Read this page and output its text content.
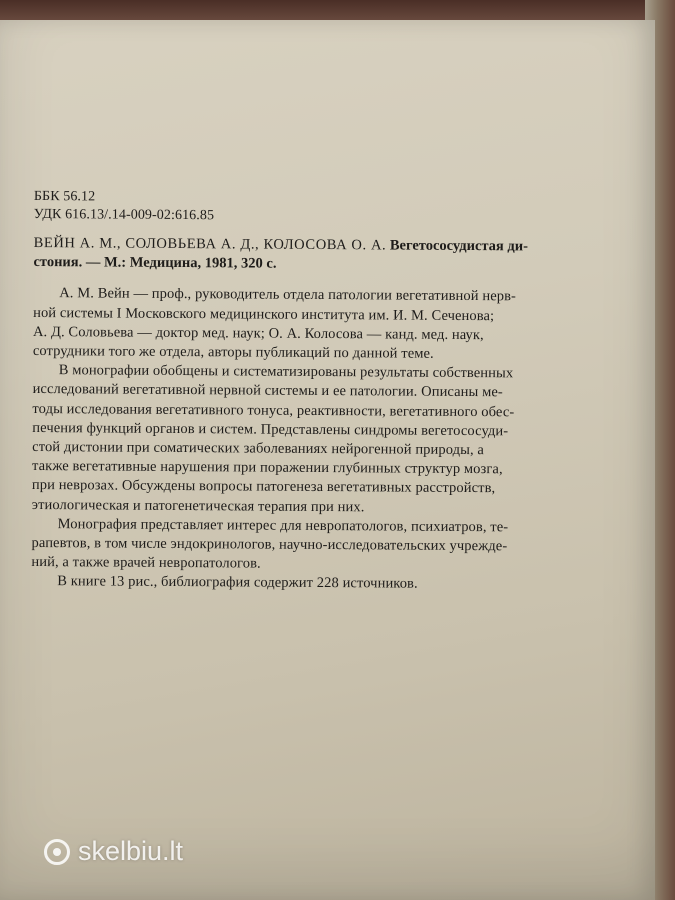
ББК 56.12
УДК 616.13/.14-009-02:616.85
ВЕЙН А. М., СОЛОВЬЕВА А. Д., КОЛОСОВА О. А. Вегетососудистая ди-
стония. — М.: Медицина, 1981, 320 с.
А. М. Вейн — проф., руководитель отдела патологии вегетативной нерв-
ной системы I Московского медицинского института им. И. М. Сеченова;
А. Д. Соловьева — доктор мед. наук; О. А. Колосова — канд. мед. наук,
сотрудники того же отдела, авторы публикаций по данной теме.
В монографии обобщены и систематизированы результаты собственных
исследований вегетативной нервной системы и ее патологии. Описаны ме-
тоды исследования вегетативного тонуса, реактивности, вегетативного обес-
печения функций органов и систем. Представлены синдромы вегетососуди-
стой дистонии при соматических заболеваниях нейрогенной природы, а
также вегетативные нарушения при поражении глубинных структур мозга,
при неврозах. Обсуждены вопросы патогенеза вегетативных расстройств,
этиологическая и патогенетическая терапия при них.
Монография представляет интерес для невропатологов, психиатров, те-
рапевтов, в том числе эндокринологов, научно-исследовательских учрежде-
ний, а также врачей невропатологов.
В книге 13 рис., библиография содержит 228 источников.
skelbiu.lt
